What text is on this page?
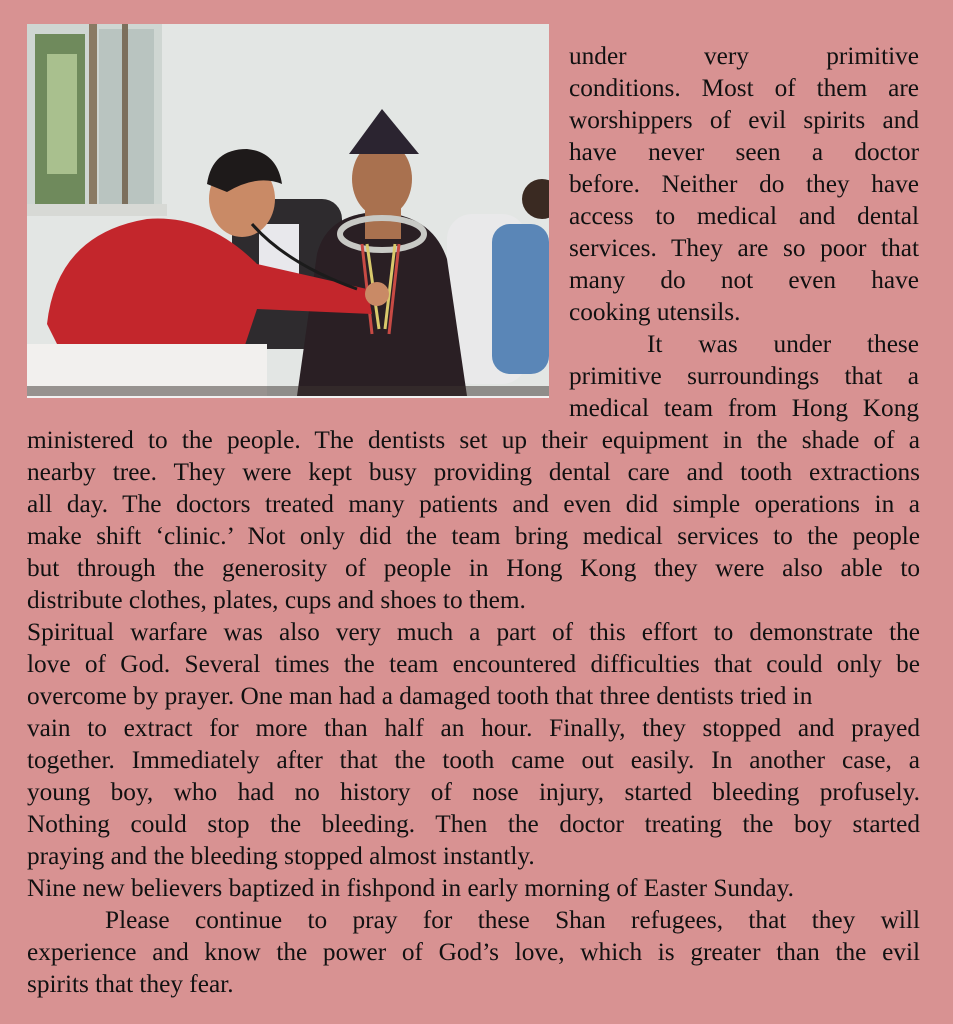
under very primitive
conditions. Most of them are
worshippers of evil spirits and
have never seen a doctor
before. Neither do they have
access to medical and dental
services. They are so poor that
many do not even have
cooking utensils.
It was under these
primitive surroundings that a
medical team from Hong Kong
ministered to the people. The dentists set up their equipment in the shade of a
nearby tree. They were kept busy providing dental care and tooth extractions
all day. The doctors treated many patients and even did simple operations in a
make shift ‘clinic.’ Not only did the team bring medical services to the people
but through the generosity of people in Hong Kong they were also able to
distribute clothes, plates, cups and shoes to them.
Spiritual warfare was also very much a part of this effort to demonstrate the
love of God. Several times the team encountered difficulties that could only be
overcome by prayer. One man had a damaged tooth that three dentists tried in
vain to extract for more than half an hour. Finally, they stopped and prayed
together. Immediately after that the tooth came out easily. In another case, a
young boy, who had no history of nose injury, started bleeding profusely.
Nothing could stop the bleeding. Then the doctor treating the boy started
praying and the bleeding stopped almost instantly.
Nine new believers baptized in fishpond in early morning of Easter Sunday.
Please continue to pray for these Shan refugees, that they will
experience and know the power of God’s love, which is greater than the evil
spirits that they fear.
